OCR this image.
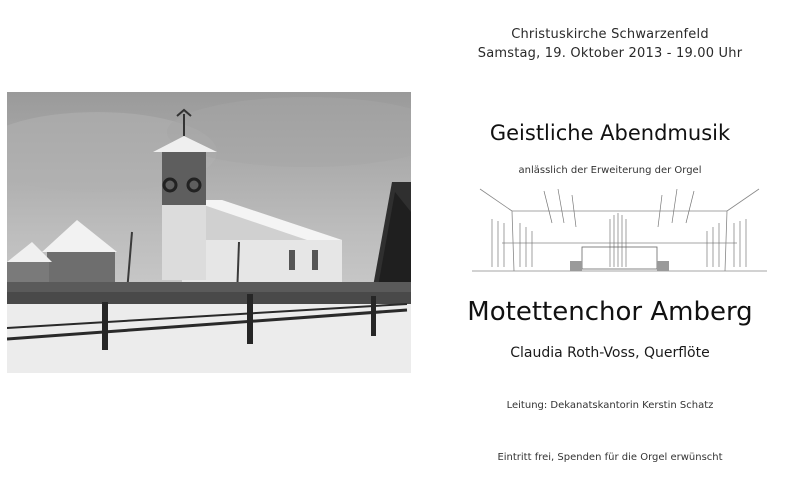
Christuskirche Schwarzenfeld
Samstag, 19. Oktober 2013 - 19.00 Uhr
Geistliche Abendmusik
anlässlich der Erweiterung der Orgel
Motettenchor Amberg
Claudia Roth-Voss, Querflöte
Leitung: Dekanatskantorin Kerstin Schatz
Eintritt frei, Spenden für die Orgel erwünscht
